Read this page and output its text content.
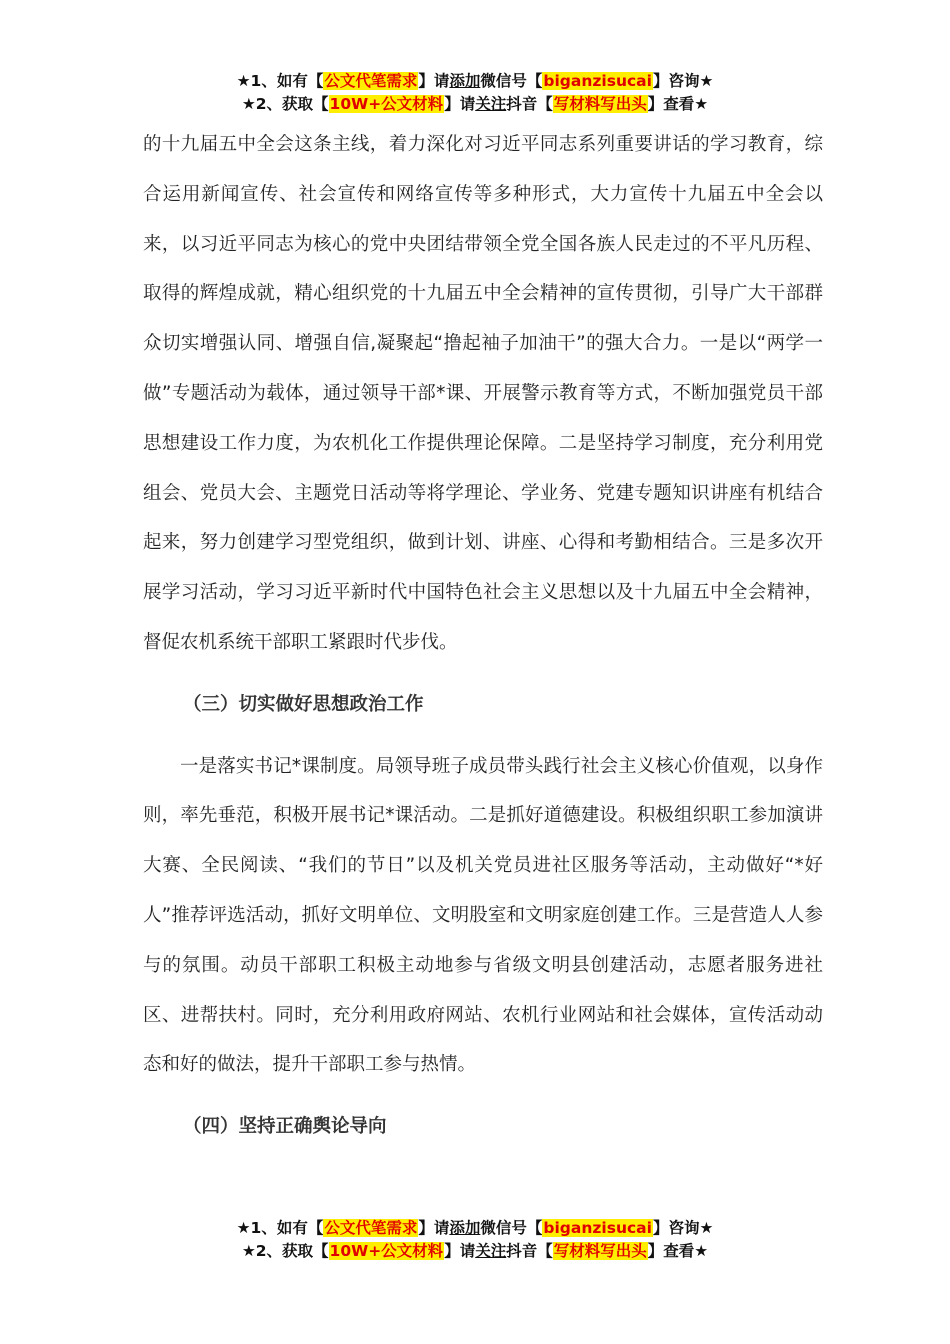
★1、如有【公文代笔需求】请添加微信号【biganzisucai】咨询★
★2、获取【10W+公文材料】请关注抖音【写材料写出头】查看★

的十九届五中全会这条主线，着力深化对习近平同志系列重要讲话的学习教育，综合运用新闻宣传、社会宣传和网络宣传等多种形式，大力宣传十九届五中全会以来，以习近平同志为核心的党中央团结带领全党全国各族人民走过的不平凡历程、取得的辉煌成就，精心组织党的十九届五中全会精神的宣传贯彻，引导广大干部群众切实增强认同、增强自信,凝聚起“撸起袖子加油干”的强大合力。一是以“两学一做”专题活动为载体，通过领导干部*课、开展警示教育等方式，不断加强党员干部思想建设工作力度，为农机化工作提供理论保障。二是坚持学习制度，充分利用党组会、党员大会、主题党日活动等将学理论、学业务、党建专题知识讲座有机结合起来，努力创建学习型党组织，做到计划、讲座、心得和考勤相结合。三是多次开展学习活动，学习习近平新时代中国特色社会主义思想以及十九届五中全会精神，督促农机系统干部职工紧跟时代步伐。

（三）切实做好思想政治工作

一是落实书记*课制度。局领导班子成员带头践行社会主义核心价值观，以身作则，率先垂范，积极开展书记*课活动。二是抓好道德建设。积极组织职工参加演讲大赛、全民阅读、“我们的节日”以及机关党员进社区服务等活动，主动做好“*好人”推荐评选活动，抓好文明单位、文明股室和文明家庭创建工作。三是营造人人参与的氛围。动员干部职工积极主动地参与省级文明县创建活动，志愿者服务进社区、进帮扶村。同时，充分利用政府网站、农机行业网站和社会媒体，宣传活动动态和好的做法，提升干部职工参与热情。

（四）坚持正确舆论导向

★1、如有【公文代笔需求】请添加微信号【biganzisucai】咨询★
★2、获取【10W+公文材料】请关注抖音【写材料写出头】查看★
